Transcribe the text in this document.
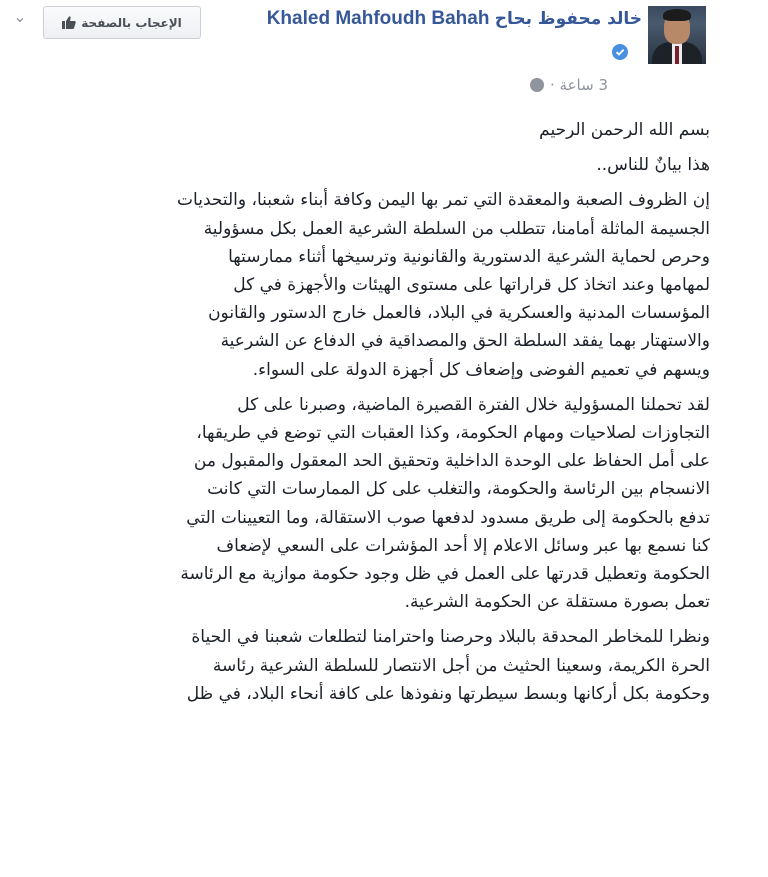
⌄	الإعجاب بالصفحة	Khaled Mahfoudh Bahah خالد محفوظ بحاح
3 ساعة ·

بسم الله الرحمن الرحيم

هذا بيانٌ للناس..

إن الظروف الصعبة والمعقدة التي تمر بها اليمن وكافة أبناء شعبنا، والتحديات
الجسيمة الماثلة أمامنا، تتطلب من السلطة الشرعية العمل بكل مسؤولية
وحرص لحماية الشرعية الدستورية والقانونية وترسيخها أثناء ممارستها
لمهامها وعند اتخاذ كل قراراتها على مستوى الهيئات والأجهزة في كل
المؤسسات المدنية والعسكرية في البلاد، فالعمل خارج الدستور والقانون
والاستهتار بهما يفقد السلطة الحق والمصداقية في الدفاع عن الشرعية
ويسهم في تعميم الفوضى وإضعاف كل أجهزة الدولة على السواء.

لقد تحملنا المسؤولية خلال الفترة القصيرة الماضية، وصبرنا على كل
التجاوزات لصلاحيات ومهام الحكومة، وكذا العقبات التي توضع في طريقها،
على أمل الحفاظ على الوحدة الداخلية وتحقيق الحد المعقول والمقبول من
الانسجام بين الرئاسة والحكومة، والتغلب على كل الممارسات التي كانت
تدفع بالحكومة إلى طريق مسدود لدفعها صوب الاستقالة، وما التعيينات التي
كنا نسمع بها عبر وسائل الاعلام إلا أحد المؤشرات على السعي لإضعاف
الحكومة وتعطيل قدرتها على العمل في ظل وجود حكومة موازية مع الرئاسة
تعمل بصورة مستقلة عن الحكومة الشرعية.

ونظرا للمخاطر المحدقة بالبلاد وحرصنا واحترامنا لتطلعات شعبنا في الحياة
الحرة الكريمة، وسعينا الحثيث من أجل الانتصار للسلطة الشرعية رئاسة
وحكومة بكل أركانها وبسط سيطرتها ونفوذها على كافة أنحاء البلاد، في ظل
